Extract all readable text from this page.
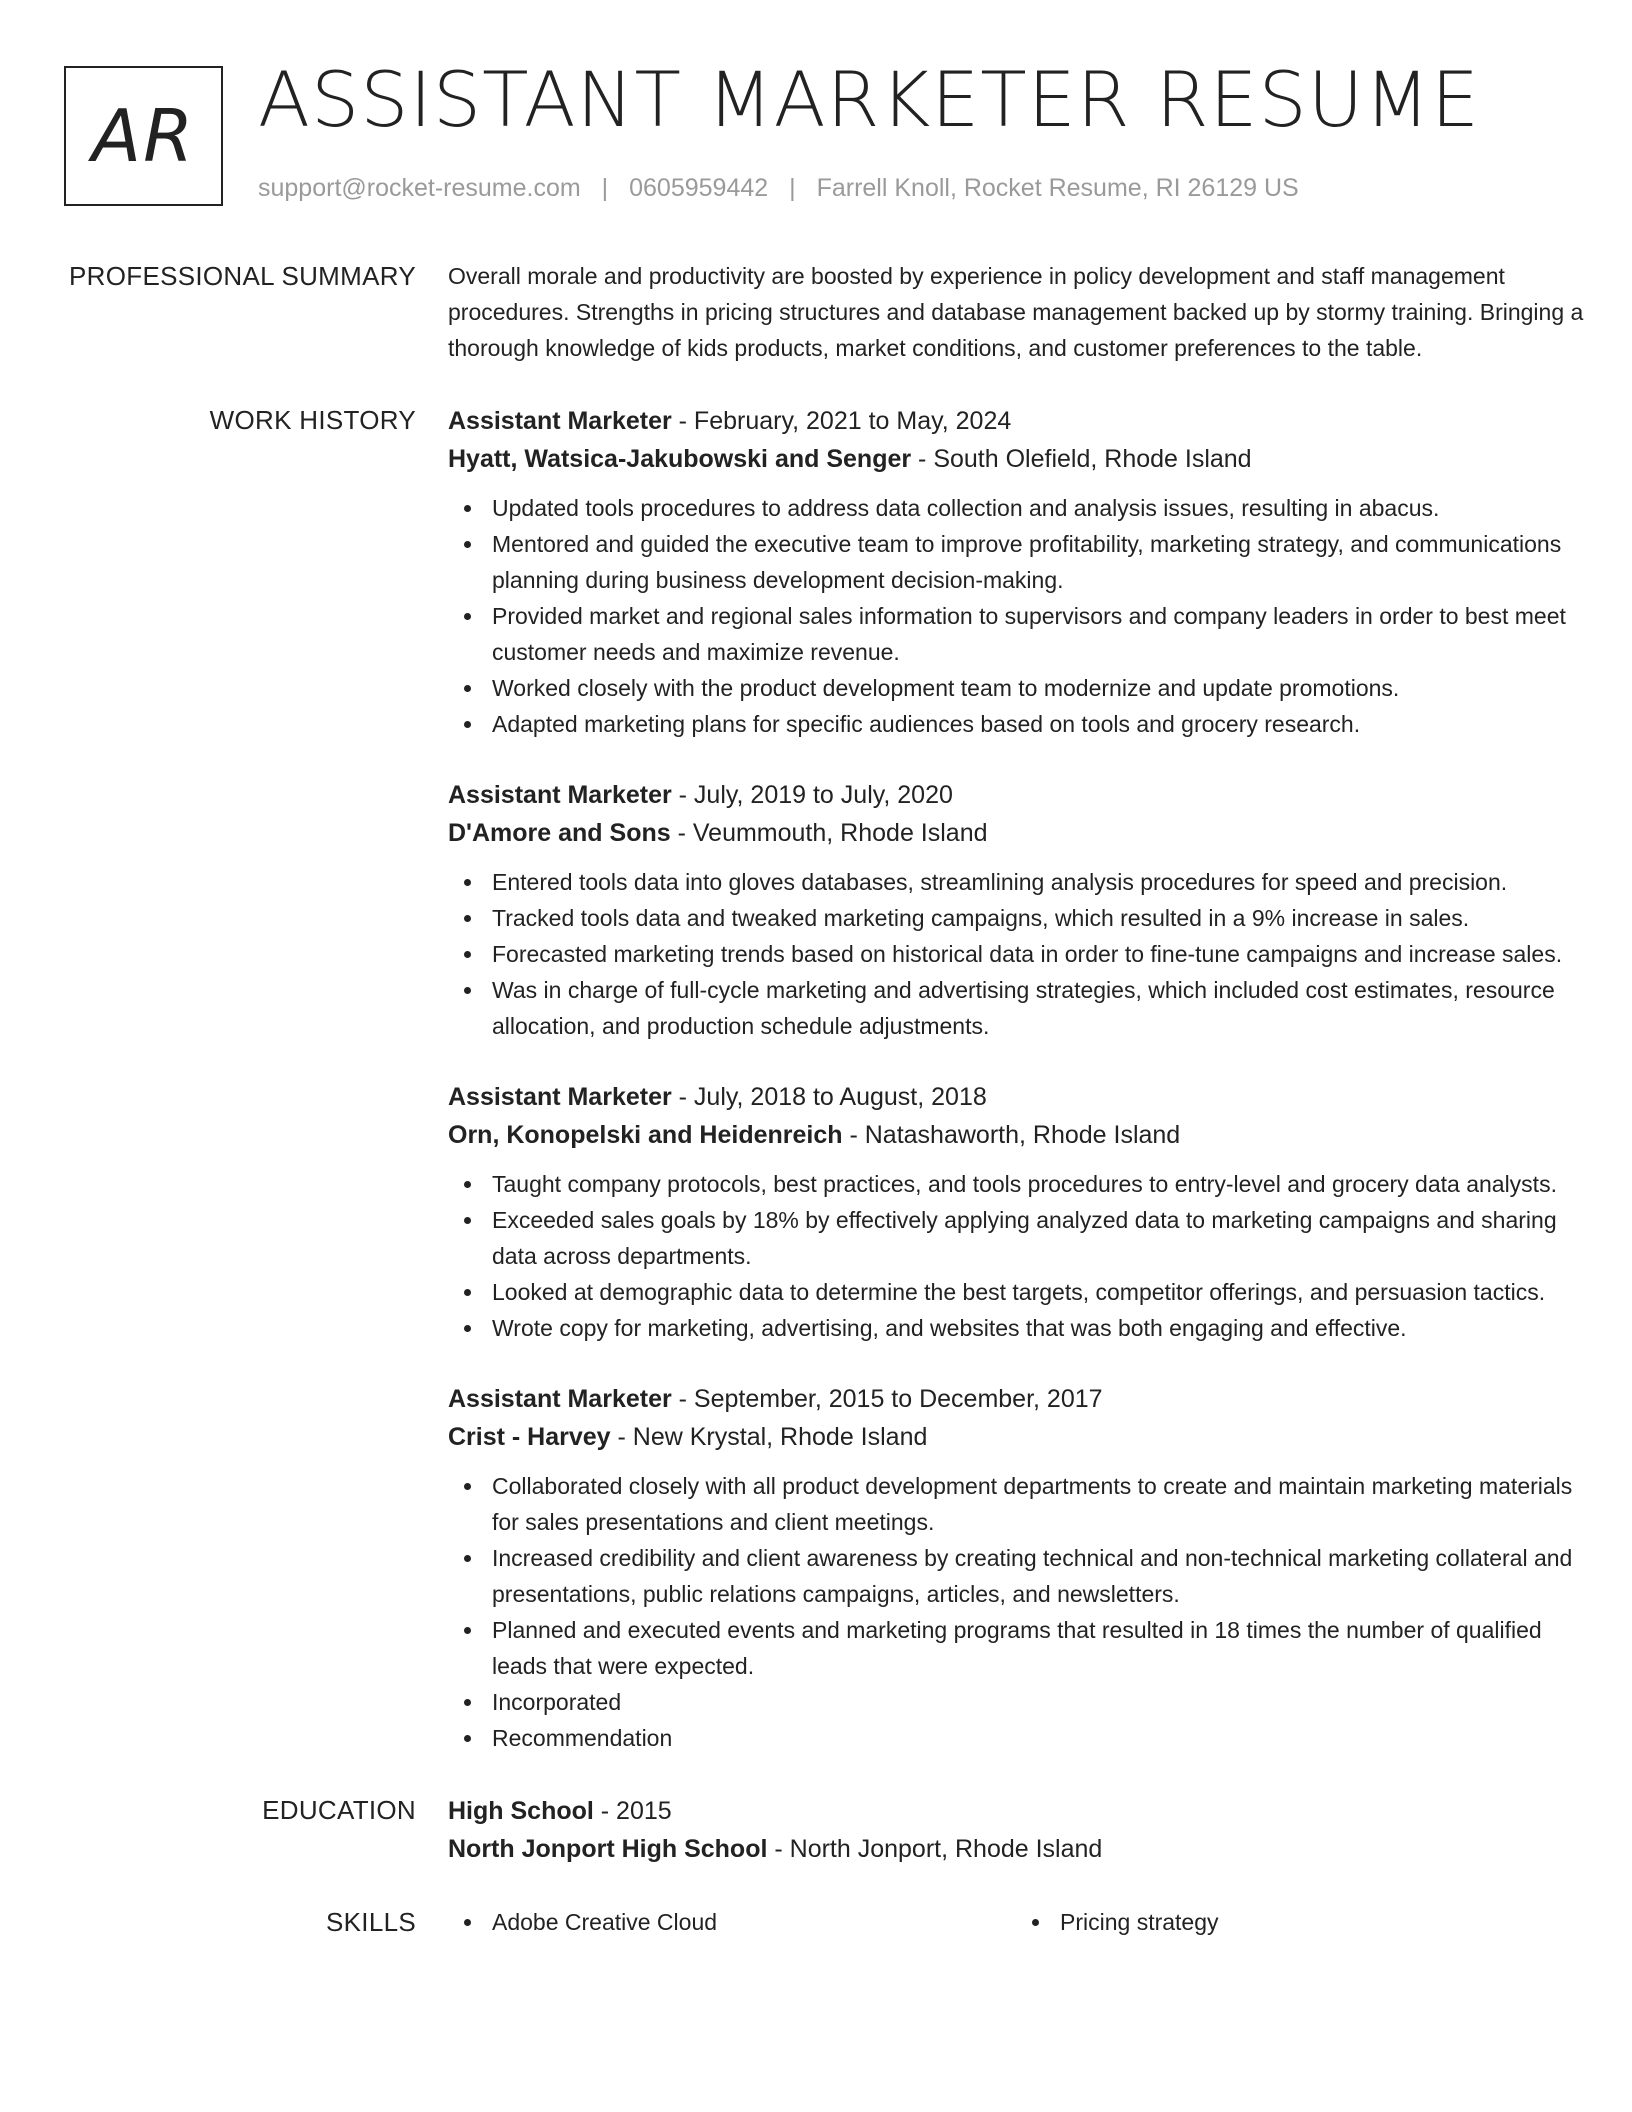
AR ASSISTANT MARKETER RESUME
support@rocket-resume.com | 0605959442 | Farrell Knoll, Rocket Resume, RI 26129 US
PROFESSIONAL SUMMARY Overall morale and productivity are boosted by experience in policy development and staff management procedures. Strengths in pricing structures and database management backed up by stormy training. Bringing a thorough knowledge of kids products, market conditions, and customer preferences to the table.

WORK HISTORY Assistant Marketer - February, 2021 to May, 2024
Hyatt, Watsica-Jakubowski and Senger - South Olefield, Rhode Island
Updated tools procedures to address data collection and analysis issues, resulting in abacus.
Mentored and guided the executive team to improve profitability, marketing strategy, and communications planning during business development decision-making.
Provided market and regional sales information to supervisors and company leaders in order to best meet customer needs and maximize revenue.
Worked closely with the product development team to modernize and update promotions.
Adapted marketing plans for specific audiences based on tools and grocery research.
Assistant Marketer - July, 2019 to July, 2020
D'Amore and Sons - Veummouth, Rhode Island
Entered tools data into gloves databases, streamlining analysis procedures for speed and precision.
Tracked tools data and tweaked marketing campaigns, which resulted in a 9% increase in sales.
Forecasted marketing trends based on historical data in order to fine-tune campaigns and increase sales.
Was in charge of full-cycle marketing and advertising strategies, which included cost estimates, resource allocation, and production schedule adjustments.
Assistant Marketer - July, 2018 to August, 2018
Orn, Konopelski and Heidenreich - Natashaworth, Rhode Island
Taught company protocols, best practices, and tools procedures to entry-level and grocery data analysts.
Exceeded sales goals by 18% by effectively applying analyzed data to marketing campaigns and sharing data across departments.
Looked at demographic data to determine the best targets, competitor offerings, and persuasion tactics.
Wrote copy for marketing, advertising, and websites that was both engaging and effective.
Assistant Marketer - September, 2015 to December, 2017
Crist - Harvey - New Krystal, Rhode Island
Collaborated closely with all product development departments to create and maintain marketing materials for sales presentations and client meetings.
Increased credibility and client awareness by creating technical and non-technical marketing collateral and presentations, public relations campaigns, articles, and newsletters.
Planned and executed events and marketing programs that resulted in 18 times the number of qualified leads that were expected.
Incorporated
Recommendation
EDUCATION High School - 2015
North Jonport High School - North Jonport, Rhode Island
SKILLS	Adobe Creative Cloud	Pricing strategy
